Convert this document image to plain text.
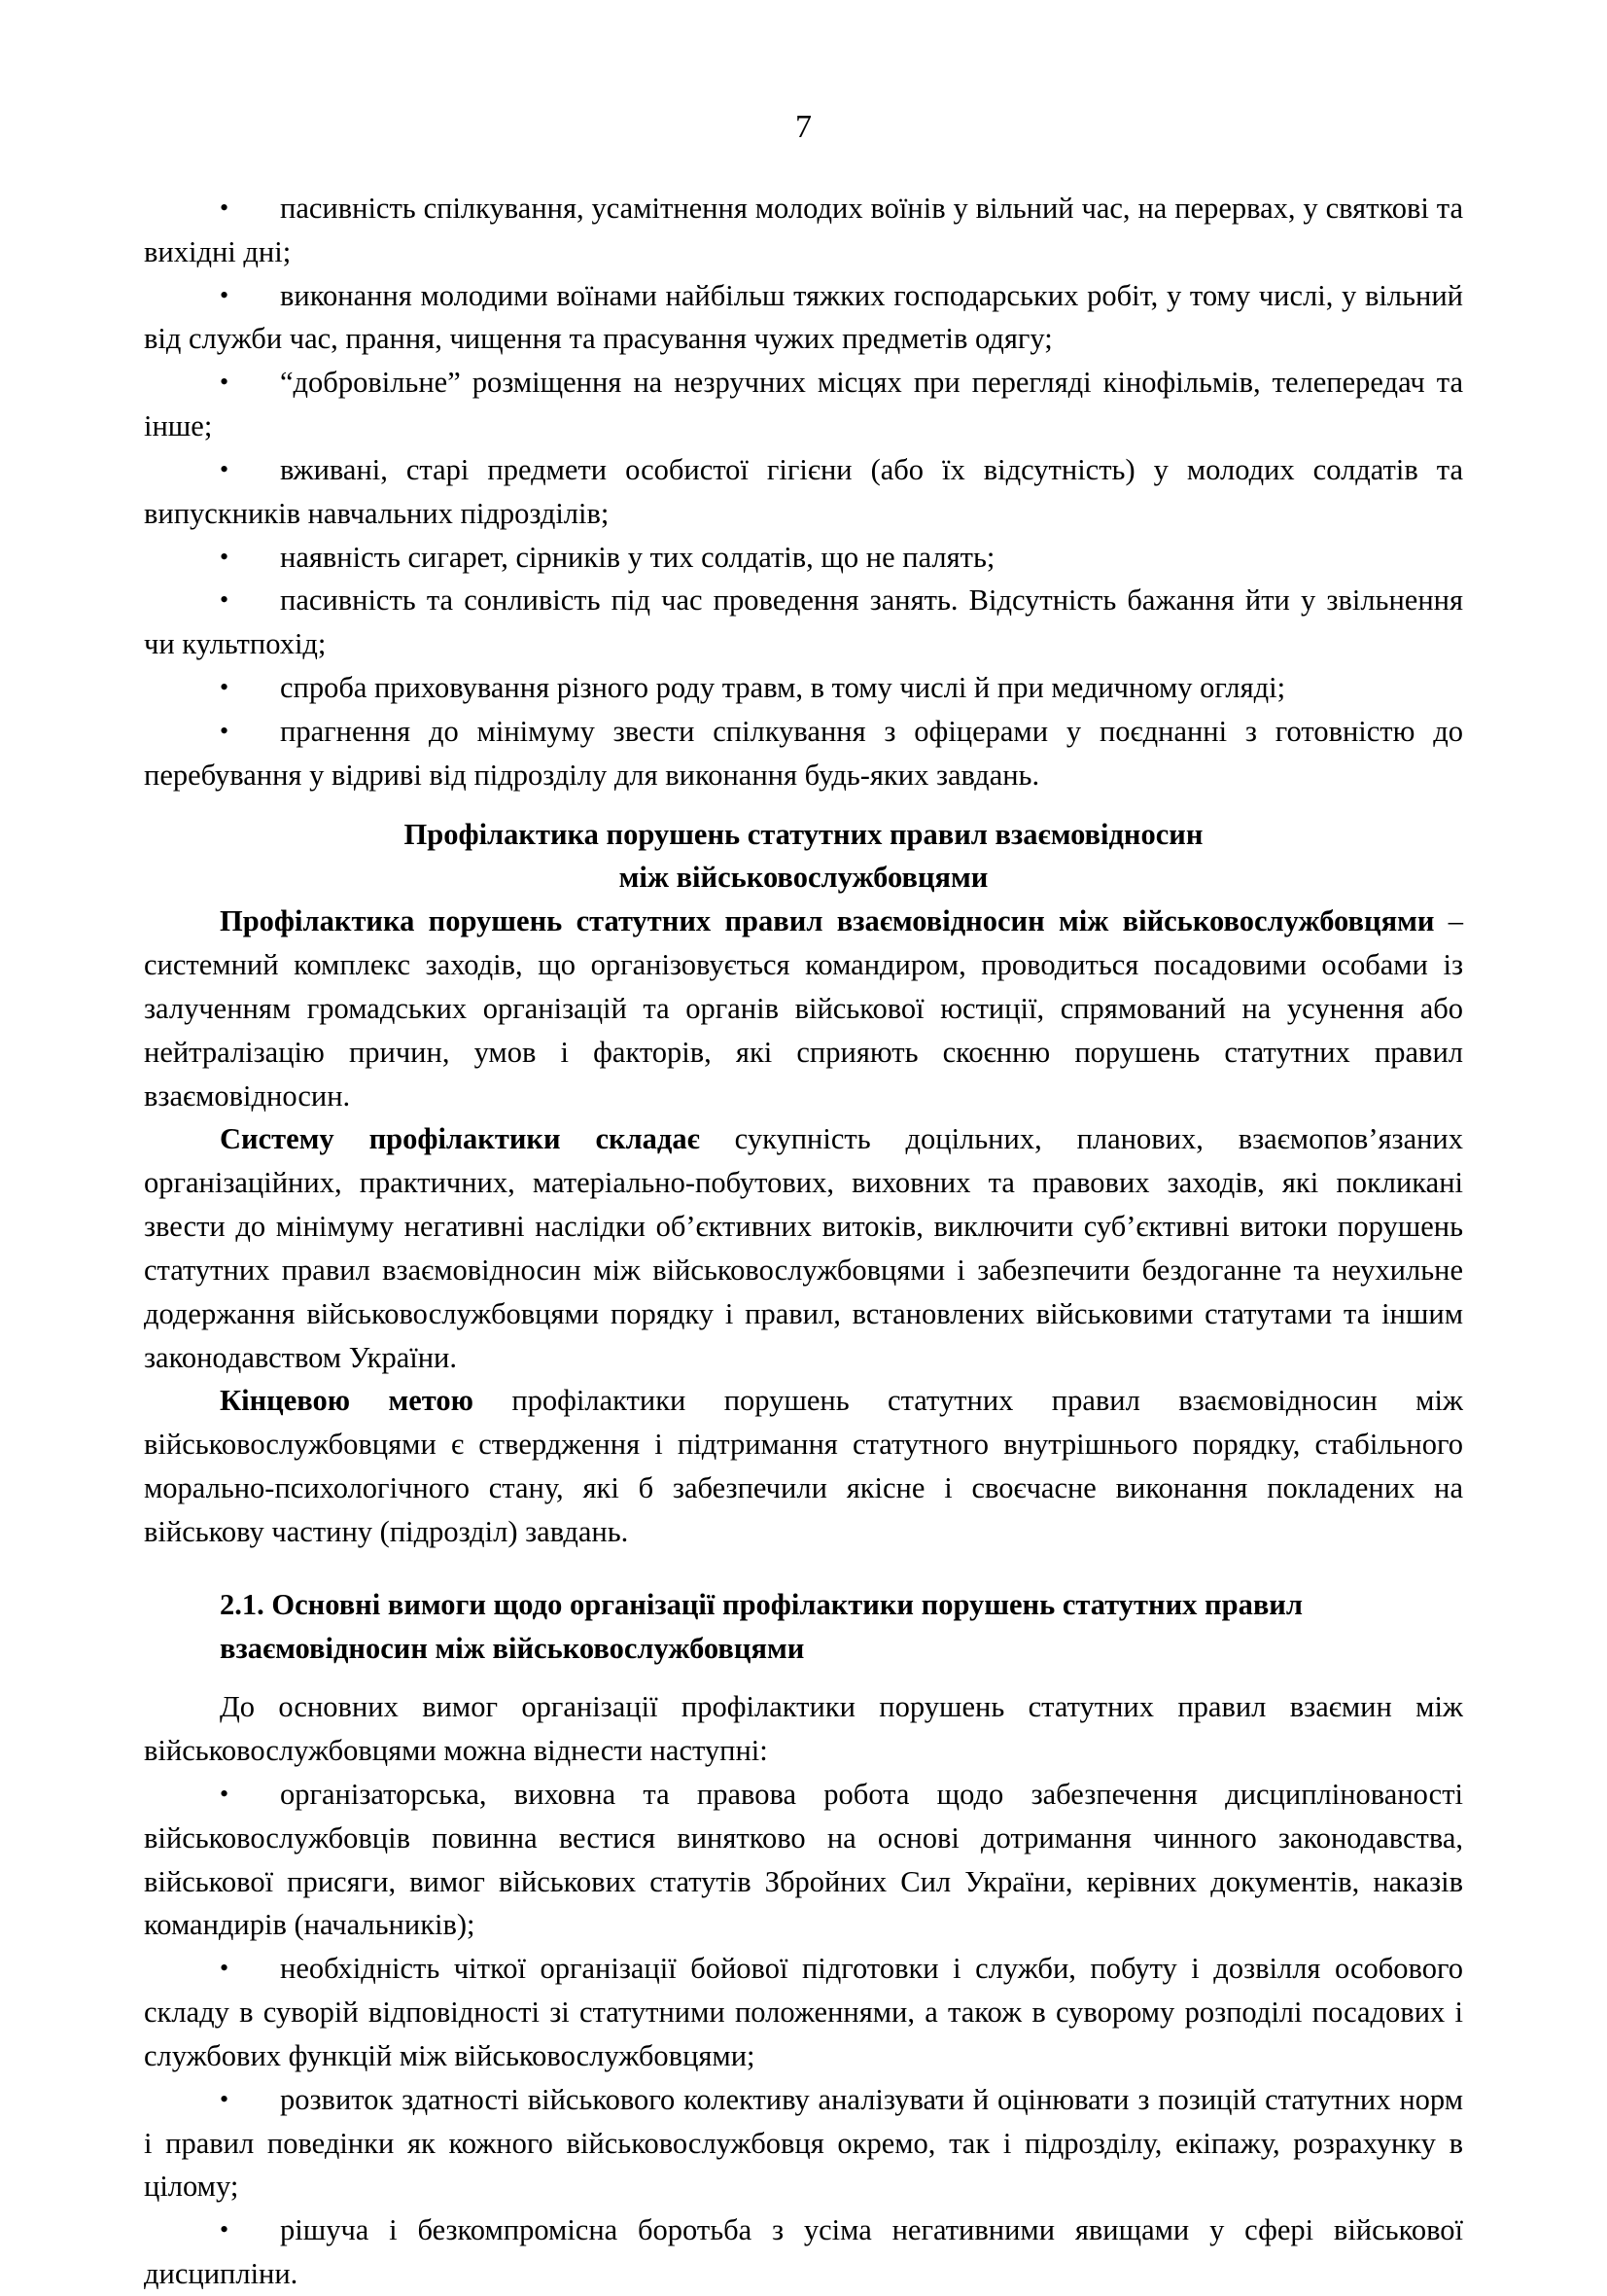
7

•пасивність спілкування, усамітнення молодих воїнів у вільний час, на перервах, у святкові та вихідні дні;

•виконання молодими воїнами найбільш тяжких господарських робіт, у тому числі, у вільний від служби час, прання, чищення та прасування чужих предметів одягу;

•“добровільне” розміщення на незручних місцях при перегляді кінофільмів, телепередач та інше;

•вживані, старі предмети особистої гігієни (або їх відсутність) у молодих солдатів та випускників навчальних підрозділів;

•наявність сигарет, сірників у тих солдатів, що не палять;

•пасивність та сонливість під час проведення занять. Відсутність бажання йти у звільнення чи культпохід;

•спроба приховування різного роду травм, в тому числі й при медичному огляді;

•прагнення до мінімуму звести спілкування з офіцерами у поєднанні з готовністю до перебування у відриві від підрозділу для виконання будь-яких завдань.

Профілактика порушень статутних правил взаємовідносин
між військовослужбовцями

Профілактика порушень статутних правил взаємовідносин між військовослужбовцями – системний комплекс заходів, що організовується командиром, проводиться посадовими особами із залученням громадських організацій та органів військової юстиції, спрямований на усунення або нейтралізацію причин, умов і факторів, які сприяють скоєнню порушень статутних правил взаємовідносин.

Систему профілактики складає сукупність доцільних, планових, взаємопов’язаних організаційних, практичних, матеріально-побутових, виховних та правових заходів, які покликані звести до мінімуму негативні наслідки об’єктивних витоків, виключити суб’єктивні витоки порушень статутних правил взаємовідносин між військовослужбовцями і забезпечити бездоганне та неухильне додержання військовослужбовцями порядку і правил, встановлених військовими статутами та іншим законодавством України.

Кінцевою метою профілактики порушень статутних правил взаємовідносин між військовослужбовцями є ствердження і підтримання статутного внутрішнього порядку, стабільного морально-психологічного стану, які б забезпечили якісне і своєчасне виконання покладених на військову частину (підрозділ) завдань.

2.1. Основні вимоги щодо організації профілактики порушень статутних правил
взаємовідносин між військовослужбовцями

До основних вимог організації профілактики порушень статутних правил взаємин між військовослужбовцями можна віднести наступні:

•організаторська, виховна та правова робота щодо забезпечення дисциплінованості військовослужбовців повинна вестися винятково на основі дотримання чинного законодавства, військової присяги, вимог військових статутів Збройних Сил України, керівних документів, наказів командирів (начальників);

•необхідність чіткої організації бойової підготовки і служби, побуту і дозвілля особового складу в суворій відповідності зі статутними положеннями, а також в суворому розподілі посадових і службових функцій між військовослужбовцями;

•розвиток здатності військового колективу аналізувати й оцінювати з позицій статутних норм і правил поведінки як кожного військовослужбовця окремо, так і підрозділу, екіпажу, розрахунку в цілому;

•рішуча і безкомпромісна боротьба з усіма негативними явищами у сфері військової дисципліни.
